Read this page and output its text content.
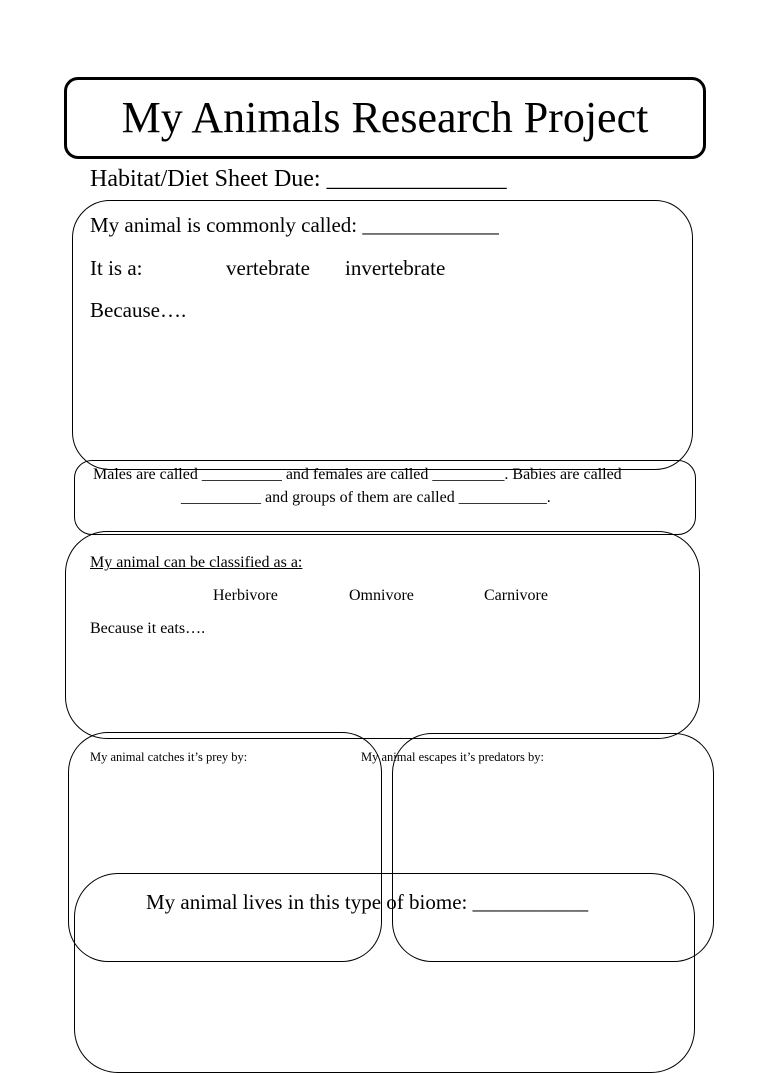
My Animals Research Project
Habitat/Diet Sheet Due: _______________
My animal is commonly called: _____________
It is a:	vertebrate invertebrate
Because….
Males are called __________ and females are called _________. Babies are called
__________ and groups of them are called ___________.
My animal can be classified as a:
Herbivore	Omnivore	Carnivore
Because it eats….
My animal catches it’s prey by:	My animal escapes it’s predators by:
My animal lives in this type of biome: ___________
